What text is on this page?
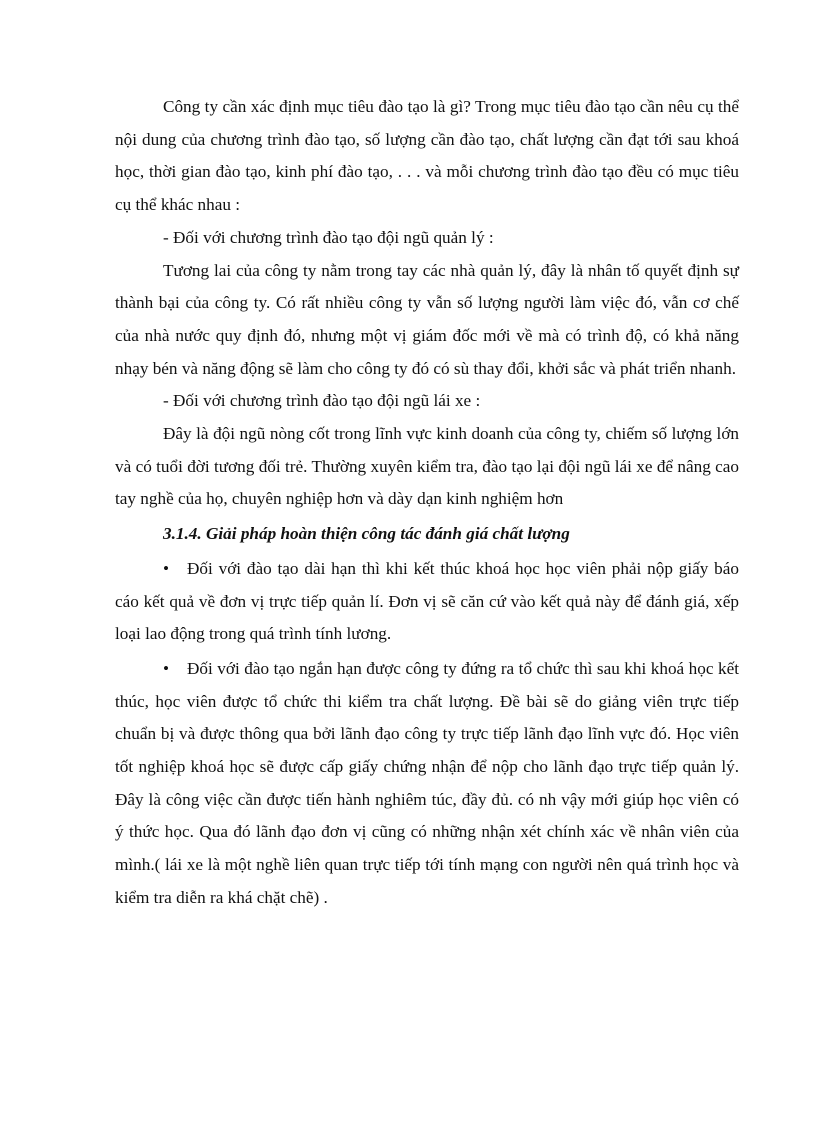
Công ty cần xác định mục tiêu đào tạo là gì? Trong mục tiêu đào tạo cần nêu cụ thể nội dung của chương trình đào tạo, số lượng cần đào tạo, chất lượng cần đạt tới sau khoá học, thời gian đào tạo, kinh phí đào tạo, . . . và mỗi chương trình đào tạo đều có mục tiêu cụ thể khác nhau :

- Đối với chương trình đào tạo đội ngũ quản lý :

Tương lai của công ty nằm trong tay các nhà quản lý, đây là nhân tố quyết định sự thành bại của công ty. Có rất nhiều công ty vẫn số lượng người làm việc đó, vẫn cơ chế của nhà nước quy định đó, nhưng một vị giám đốc mới về mà có trình độ, có khả năng nhạy bén và năng động sẽ làm cho công ty đó có sù thay đổi, khởi sắc và phát triển nhanh.

- Đối với chương trình đào tạo đội ngũ lái xe :

Đây là đội ngũ nòng cốt trong lĩnh vực kinh doanh của công ty, chiếm số lượng lớn và có tuổi đời tương đối trẻ. Thường xuyên kiểm tra, đào tạo lại đội ngũ lái xe để nâng cao tay nghề của họ, chuyên nghiệp hơn và dày dạn kinh nghiệm hơn

3.1.4. Giải pháp hoàn thiện công tác đánh giá chất lượng

• Đối với đào tạo dài hạn thì khi kết thúc khoá học học viên phải nộp giấy báo cáo kết quả về đơn vị trực tiếp quản lí. Đơn vị sẽ căn cứ vào kết quả này để đánh giá, xếp loại lao động trong quá trình tính lương.

• Đối với đào tạo ngắn hạn được công ty đứng ra tổ chức thì sau khi khoá học kết thúc, học viên được tổ chức thi kiểm tra chất lượng. Đề bài sẽ do giảng viên trực tiếp chuẩn bị và được thông qua bởi lãnh đạo công ty trực tiếp lãnh đạo lĩnh vực đó. Học viên tốt nghiệp khoá học sẽ được cấp giấy chứng nhận để nộp cho lãnh đạo trực tiếp quản lý. Đây là công việc cần được tiến hành nghiêm túc, đầy đủ. có nh vậy mới giúp học viên có ý thức học. Qua đó lãnh đạo đơn vị cũng có những nhận xét chính xác về nhân viên của mình.( lái xe là một nghề liên quan trực tiếp tới tính mạng con người nên quá trình học và kiểm tra diễn ra khá chặt chẽ) .
